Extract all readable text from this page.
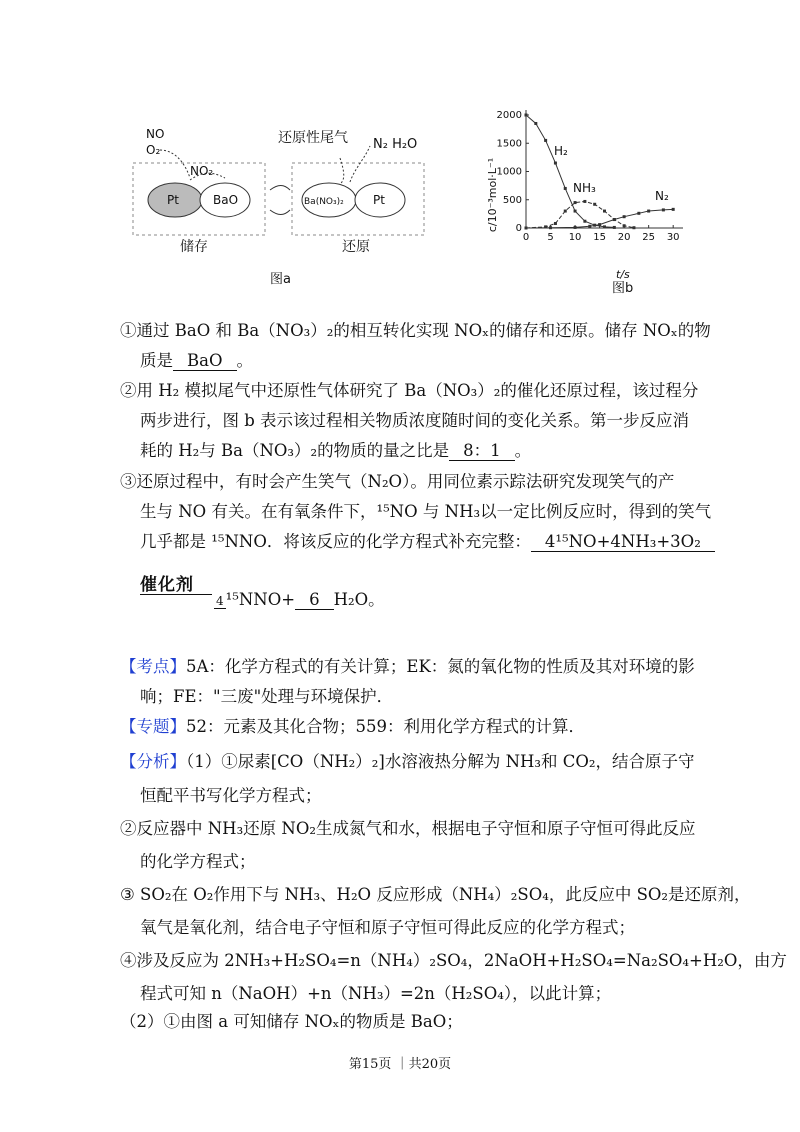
NO
O₂
NO₂
Pt	BaO	Ba(NO₃)₂ Pt
还原性尾气 N₂ H₂O
储存	还原
图a
c/10⁻³mol·L⁻¹
t/s
图b
H₂
NH₃
N₂
0 5 10 15 20 25 30
0
500
1000
1500
2000
①通过 BaO 和 Ba（NO₃）₂的相互转化实现 NOₓ的储存和还原。储存 NOₓ的物
质是 BaO 。
②用 H₂ 模拟尾气中还原性气体研究了 Ba（NO₃）₂的催化还原过程，该过程分
两步进行，图 b 表示该过程相关物质浓度随时间的变化关系。第一步反应消
耗的 H₂与 Ba（NO₃）₂的物质的量之比是 8：1 。
③还原过程中，有时会产生笑气（N₂O）。用同位素示踪法研究发现笑气的产
生与 NO 有关。在有氧条件下，¹⁵NO 与 NH₃以一定比例反应时，得到的笑气
几乎都是 ¹⁵NNO．将该反应的化学方程式补充完整： 4¹⁵NO+4NH₃+3O₂
催化剂
4 ¹⁵NNO+ 6 H₂O。
【考点】5A：化学方程式的有关计算；EK：氮的氧化物的性质及其对环境的影
响；FE："三废"处理与环境保护．
【专题】52：元素及其化合物；559：利用化学方程式的计算．
【分析】（1）①尿素[CO（NH₂）₂]水溶液热分解为 NH₃和 CO₂，结合原子守
恒配平书写化学方程式；
②反应器中 NH₃还原 NO₂生成氮气和水，根据电子守恒和原子守恒可得此反应
的化学方程式；
③ SO₂在 O₂作用下与 NH₃、H₂O 反应形成（NH₄）₂SO₄，此反应中 SO₂是还原剂，
氧气是氧化剂，结合电子守恒和原子守恒可得此反应的化学方程式；
④涉及反应为 2NH₃+H₂SO₄=n（NH₄）₂SO₄，2NaOH+H₂SO₄=Na₂SO₄+H₂O，由方
程式可知 n（NaOH）+n（NH₃）=2n（H₂SO₄），以此计算；
（2）①由图 a 可知储存 NOₓ的物质是 BaO；
第15页 ｜共20页
